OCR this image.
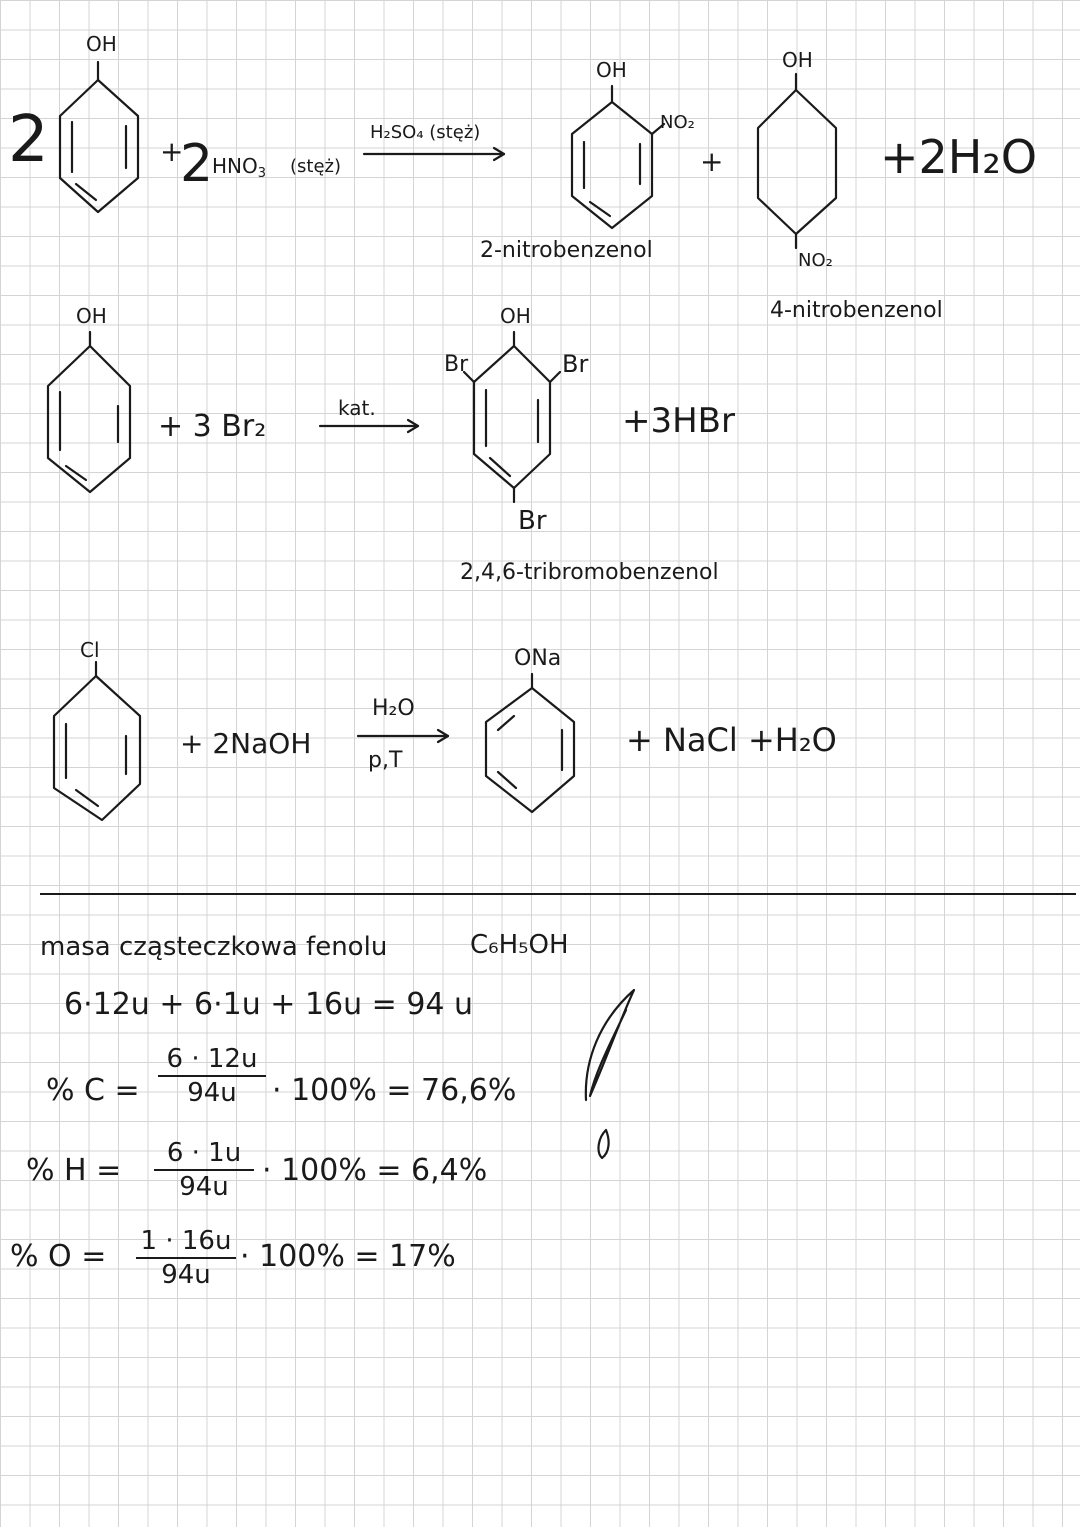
2
OH
+
2
$HNO_3$ (stęż)
H₂SO₄ (stęż)
OH
NO₂
2-nitrobenzenol
+
OH
NO₂
4-nitrobenzenol
+2H₂O
OH
+ 3 Br₂
kat.
OH
Br	Br
Br
2,4,6-tribromobenzenol
+3HBr
Cl
+ 2NaOH
H₂O
p,T
ONa
+ NaCl +H₂O
masa cząsteczkowa fenolu	C₆H₅OH
6·12u + 6·1u + 16u = 94 u
% C =
6 · 12u
94u	· 100% = 76,6%
% H =	6 · 1u
94u	· 100% = 6,4%
% O = 1 · 16u
94u
· 100% = 17%
